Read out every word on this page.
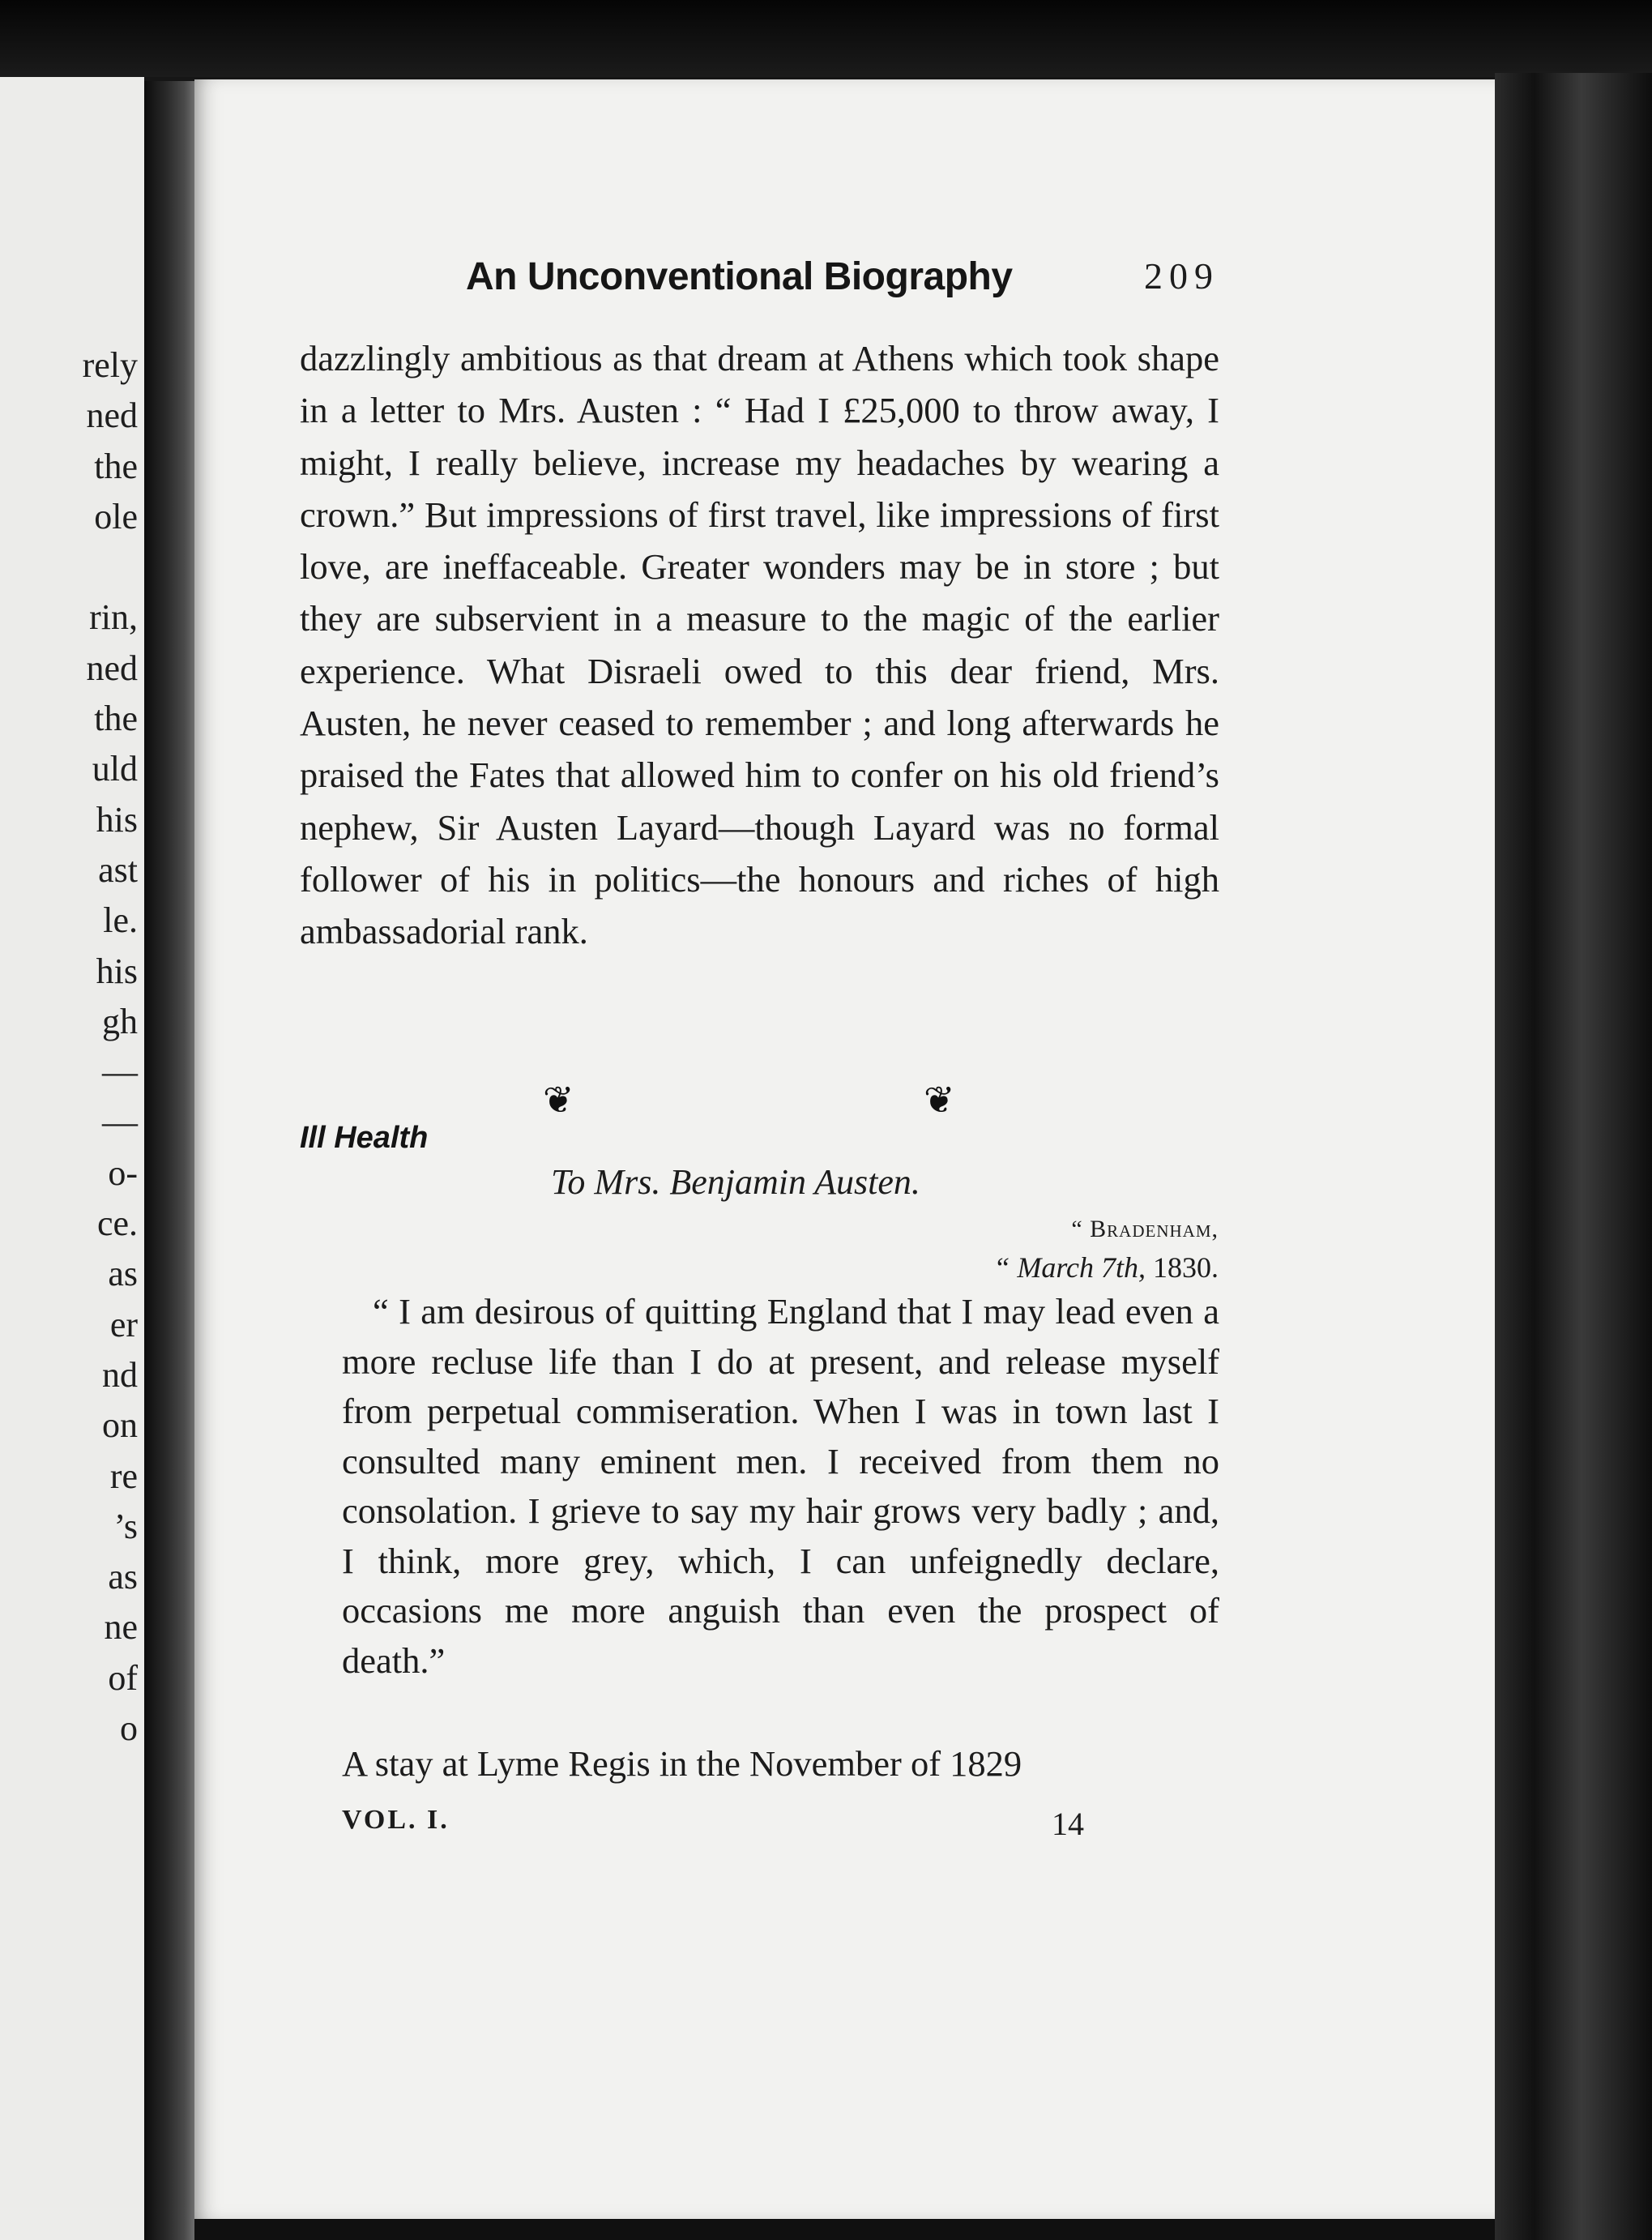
rely
ned
the
ole

rin,
ned
the
uld
his
ast
le.
his
gh
—
—
o-
ce.
as
er
nd
on
re
’s
as
ne
of
o
An Unconventional Biography	209

dazzlingly ambitious as that dream at Athens which took shape in a letter to Mrs. Austen : “ Had I £25,000 to throw away, I might, I really believe, increase my headaches by wearing a crown.” But impressions of first travel, like impressions of first love, are ineffaceable. Greater wonders may be in store ; but they are subservient in a measure to the magic of the earlier experience. What Disraeli owed to this dear friend, Mrs. Austen, he never ceased to remember ; and long afterwards he praised the Fates that allowed him to confer on his old friend’s nephew, Sir Austen Layard—though Layard was no formal follower of his in politics—the honours and riches of high ambassadorial rank.

❦	❦
Ill Health
To Mrs. Benjamin Austen.
“ Bradenham,
“ March 7th, 1830.

“ I am desirous of quitting England that I may lead even a more recluse life than I do at present, and release myself from perpetual commiseration. When I was in town last I consulted many eminent men. I received from them no consolation. I grieve to say my hair grows very badly ; and, I think, more grey, which, I can unfeignedly declare, occasions me more anguish than even the prospect of death.”

A stay at Lyme Regis in the November of 1829

VOL. I.	14
